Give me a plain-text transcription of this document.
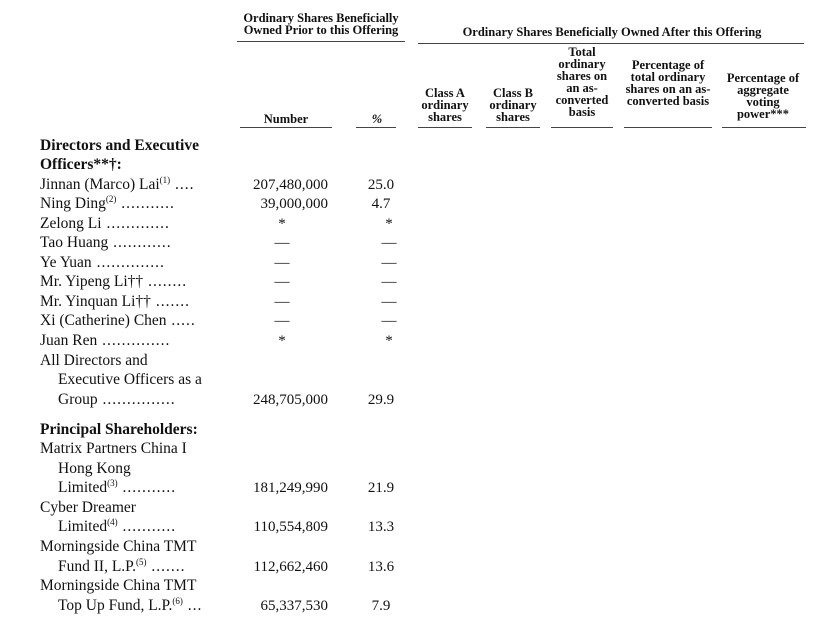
Ordinary Shares Beneficially Owned Prior to this Offering	Ordinary Shares Beneficially Owned After this Offering
Number	%
Class A ordinary shares
Class B ordinary shares
Total ordinary shares on an as-converted basis
Percentage of total ordinary shares on an as-converted basis
Percentage of aggregate voting power***
Directors and Executive Officers**†:
Jinnan (Marco) Lai$^{(1)}$ ....	207,480,000	25.0
Ning Ding$^{(2)}$ ...........	39,000,000	4.7
Zelong Li .............	*	*
Tao Huang ............	—	—
Ye Yuan ..............	—	—
Mr. Yipeng Li†† ........	—	—
Mr. Yinquan Li†† .......	—	—
Xi (Catherine) Chen .....	—	—
Juan Ren ..............	*	*
All Directors and
Executive Officers as a
Group ...............	248,705,000	29.9
Principal Shareholders:
Matrix Partners China I
Hong Kong
Limited$^{(3)}$ ...........	181,249,990	21.9
Cyber Dreamer
Limited$^{(4)}$ ...........	110,554,809	13.3
Morningside China TMT
Fund II, L.P.$^{(5)}$ .......	112,662,460	13.6
Morningside China TMT
Top Up Fund, L.P.$^{(6)}$ ...	65,337,530	7.9
